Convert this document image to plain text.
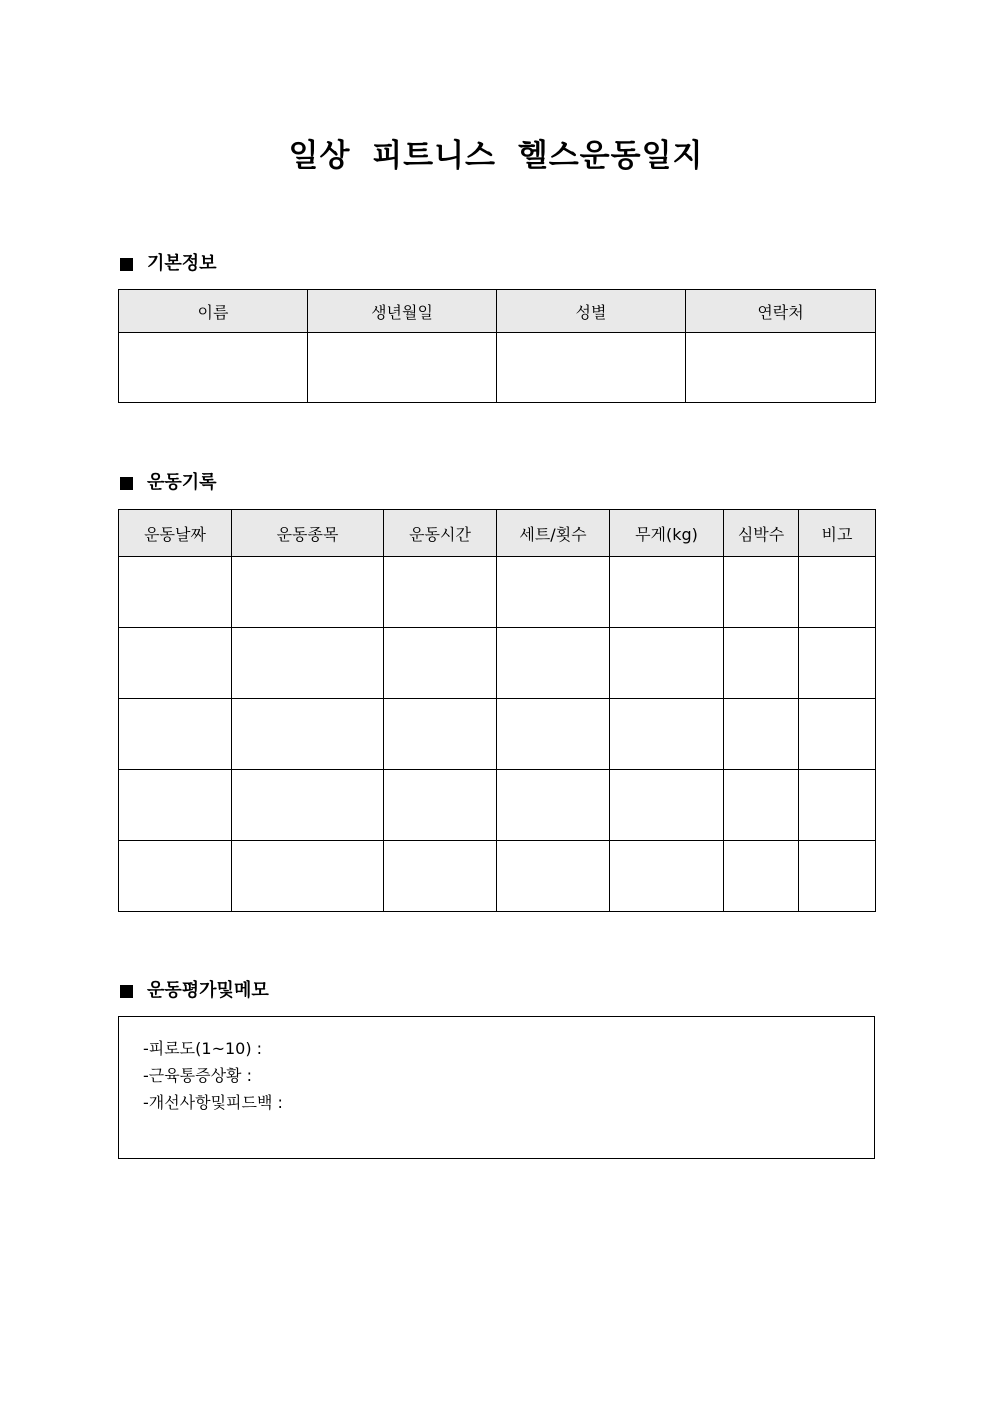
일상 피트니스 헬스운동일지
기본정보
이름	생년월일	성별	연락처

운동기록
운동날짜	운동종목	운동시간	세트/횟수	무게(kg)	심박수	비고

운동평가및메모
-피로도(1~10) :
-근육통증상황 :
-개선사항및피드백 :
